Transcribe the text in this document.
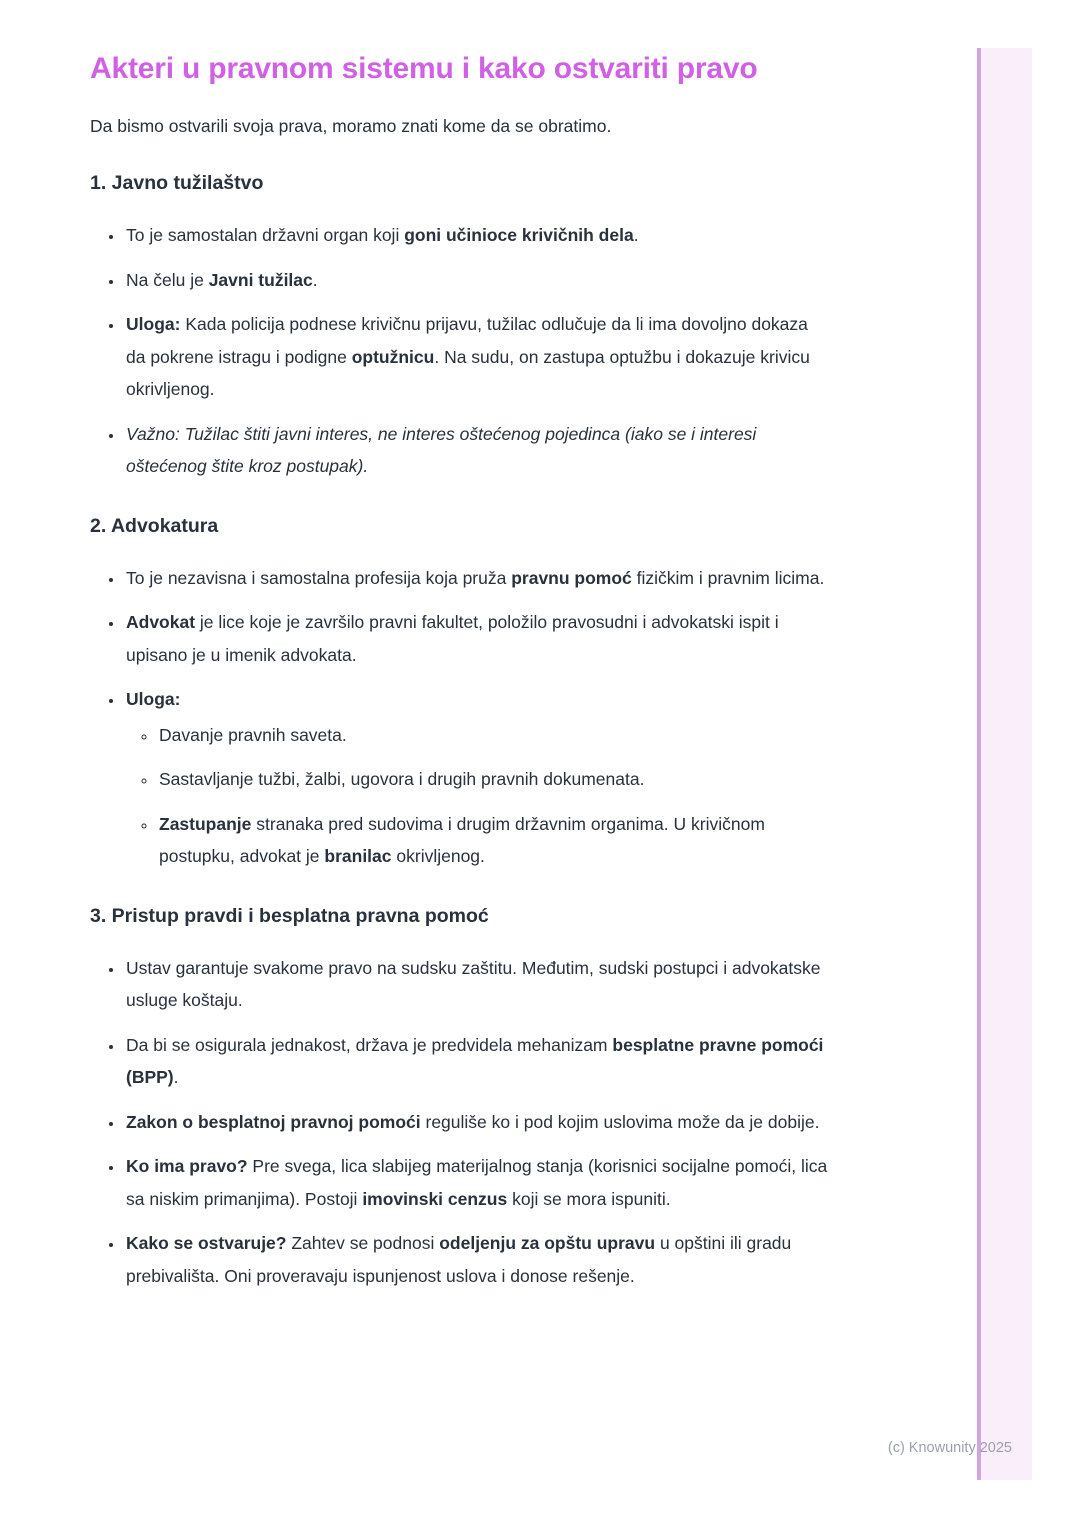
Akteri u pravnom sistemu i kako ostvariti pravo

Da bismo ostvarili svoja prava, moramo znati kome da se obratimo.

1. Javno tužilaštvo
• To je samostalan državni organ koji goni učinioce krivičnih dela.
• Na čelu je Javni tužilac.
• Uloga: Kada policija podnese krivičnu prijavu, tužilac odlučuje da li ima dovoljno dokaza da pokrene istragu i podigne optužnicu. Na sudu, on zastupa optužbu i dokazuje krivicu okrivljenog.
• Važno: Tužilac štiti javni interes, ne interes oštećenog pojedinca (iako se i interesi oštećenog štite kroz postupak).
2. Advokatura
• To je nezavisna i samostalna profesija koja pruža pravnu pomoć fizičkim i pravnim licima.
• Advokat je lice koje je završilo pravni fakultet, položilo pravosudni i advokatski ispit i upisano je u imenik advokata.
• Uloga:
◦ Davanje pravnih saveta.
◦ Sastavljanje tužbi, žalbi, ugovora i drugih pravnih dokumenata.
◦ Zastupanje stranaka pred sudovima i drugim državnim organima. U krivičnom postupku, advokat je branilac okrivljenog.
3. Pristup pravdi i besplatna pravna pomoć
• Ustav garantuje svakome pravo na sudsku zaštitu. Međutim, sudski postupci i advokatske usluge koštaju.
• Da bi se osigurala jednakost, država je predvidela mehanizam besplatne pravne pomoći (BPP).
• Zakon o besplatnoj pravnoj pomoći reguliše ko i pod kojim uslovima može da je dobije.
• Ko ima pravo? Pre svega, lica slabijeg materijalnog stanja (korisnici socijalne pomoći, lica sa niskim primanjima). Postoji imovinski cenzus koji se mora ispuniti.
• Kako se ostvaruje? Zahtev se podnosi odeljenju za opštu upravu u opštini ili gradu prebivališta. Oni proveravaju ispunjenost uslova i donose rešenje.
(c) Knowunity 2025
